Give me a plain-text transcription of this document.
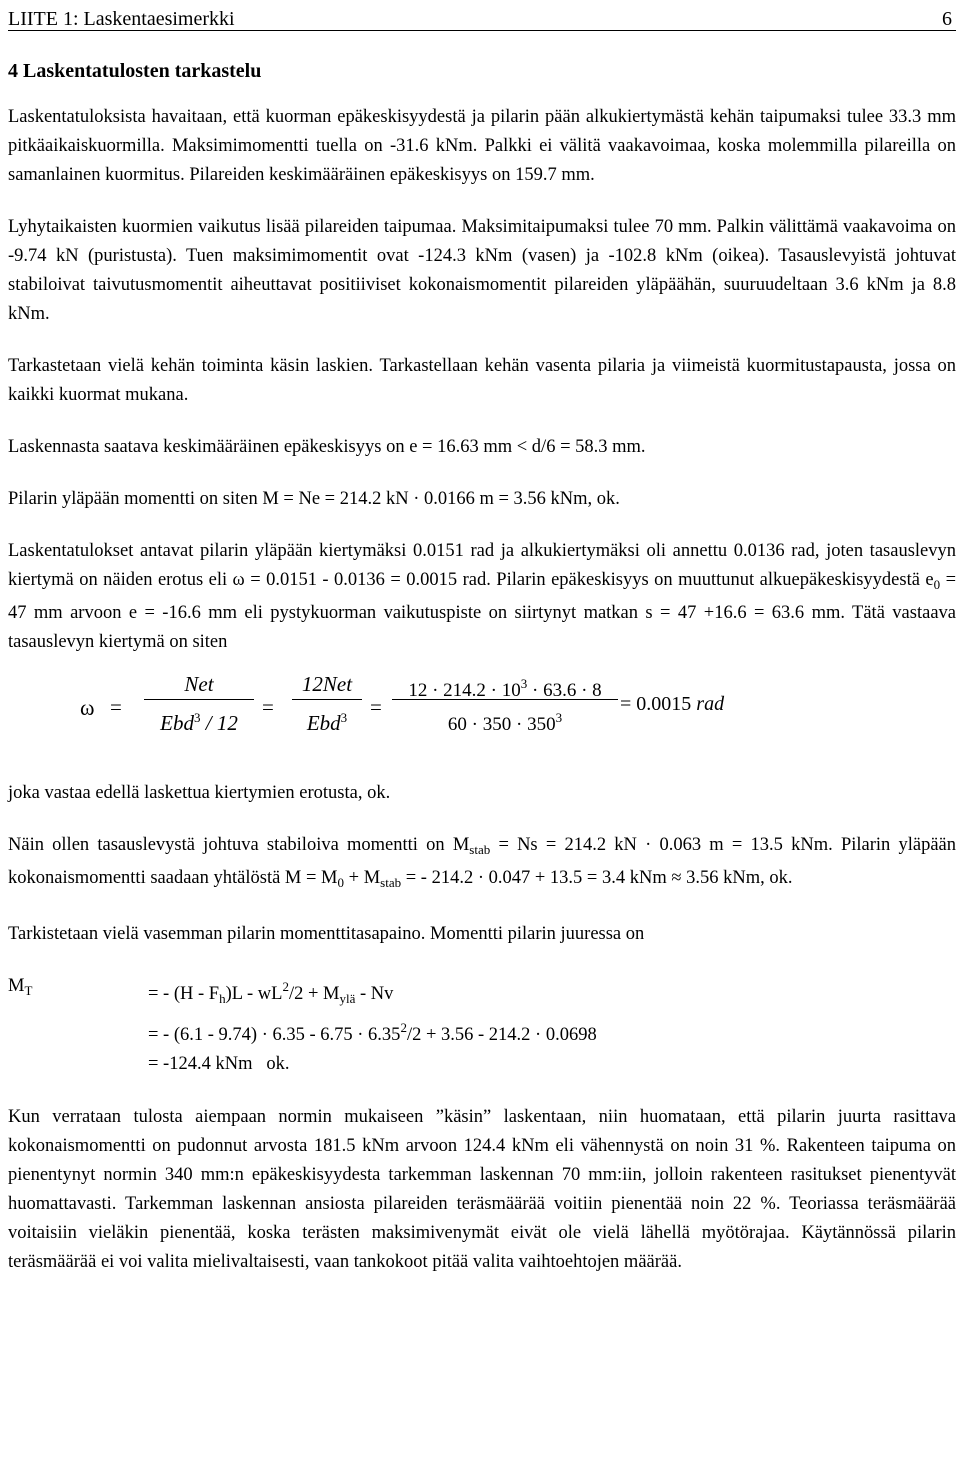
LIITE 1: Laskentaesimerkki	6
4 Laskentatulosten tarkastelu

Laskentatuloksista havaitaan, että kuorman epäkeskisyydestä ja pilarin pään alkukiertymästä kehän taipumaksi tulee 33.3 mm pitkäaikaiskuormilla. Maksimimomentti tuella on -31.6 kNm. Palkki ei välitä vaakavoimaa, koska molemmilla pilareilla on samanlainen kuormitus. Pilareiden keskimääräinen epäkeskisyys on 159.7 mm.

Lyhytaikaisten kuormien vaikutus lisää pilareiden taipumaa. Maksimitaipumaksi tulee 70 mm. Palkin välittämä vaakavoima on -9.74 kN (puristusta). Tuen maksimimomentit ovat -124.3 kNm (vasen) ja -102.8 kNm (oikea). Tasauslevyistä johtuvat stabiloivat taivutusmomentit aiheuttavat positiiviset kokonaismomentit pilareiden yläpäähän, suuruudeltaan 3.6 kNm ja 8.8 kNm.

Tarkastetaan vielä kehän toiminta käsin laskien. Tarkastellaan kehän vasenta pilaria ja viimeistä kuormitustapausta, jossa on kaikki kuormat mukana.

Laskennasta saatava keskimääräinen epäkeskisyys on e = 16.63 mm < d/6 = 58.3 mm.

Pilarin yläpään momentti on siten M = Ne = 214.2 kN · 0.0166 m = 3.56 kNm, ok.

Laskentatulokset antavat pilarin yläpään kiertymäksi 0.0151 rad ja alkukiertymäksi oli annettu 0.0136 rad, joten tasauslevyn kiertymä on näiden erotus eli ω = 0.0151 - 0.0136 = 0.0015 rad. Pilarin epäkeskisyys on muuttunut alkuepäkeskisyydestä $e_0 = 47$ mm arvoon e = -16.6 mm eli pystykuorman vaikutuspiste on siirtynyt matkan s = 47 +16.6 = 63.6 mm. Tätä vastaava tasauslevyn kiertymä on siten

ω =
Net
Ebd$^3$ / 12
=
12Net
Ebd$^3$	= $\frac{12 \cdot 214.2 \cdot 10^3 \cdot 63.6 \cdot 8}{60 \cdot 350 \cdot 350^3} = 0.0015$ rad

joka vastaa edellä laskettua kiertymien erotusta, ok.

Näin ollen tasauslevystä johtuva stabiloiva momentti on $M_{stab} = Ns = 214.2$ kN · 0.063 m = 13.5 kNm. Pilarin yläpään kokonaismomentti saadaan yhtälöstä $M = M_0 + M_{stab}$ = - 214.2 · 0.047 + 13.5 = 3.4 kNm ≈ 3.56 kNm, ok.

Tarkistetaan vielä vasemman pilarin momenttitasapaino. Momentti pilarin juuressa on

$M_T$	= - $(H - F_h)L - wL^2/2 + M_{ylä} - Nv$
= - $(6.1 - 9.74) \cdot 6.35 - 6.75 \cdot 6.35^2/2 + 3.56 - 214.2 \cdot 0.0698$
= -124.4 kNm   ok.

Kun verrataan tulosta aiempaan normin mukaiseen ”käsin” laskentaan, niin huomataan, että pilarin juurta rasittava kokonaismomentti on pudonnut arvosta 181.5 kNm arvoon 124.4 kNm eli vähennystä on noin 31 %. Rakenteen taipuma on pienentynyt normin 340 mm:n epäkeskisyydesta tarkemman laskennan 70 mm:iin, jolloin rakenteen rasitukset pienentyvät huomattavasti. Tarkemman laskennan ansiosta pilareiden teräsmäärää voitiin pienentää noin 22 %. Teoriassa teräsmäärää voitaisiin vieläkin pienentää, koska terästen maksimivenymät eivät ole vielä lähellä myötörajaa. Käytännössä pilarin teräsmäärää ei voi valita mielivaltaisesti, vaan tankokoot pitää valita vaihtoehtojen määrää.
